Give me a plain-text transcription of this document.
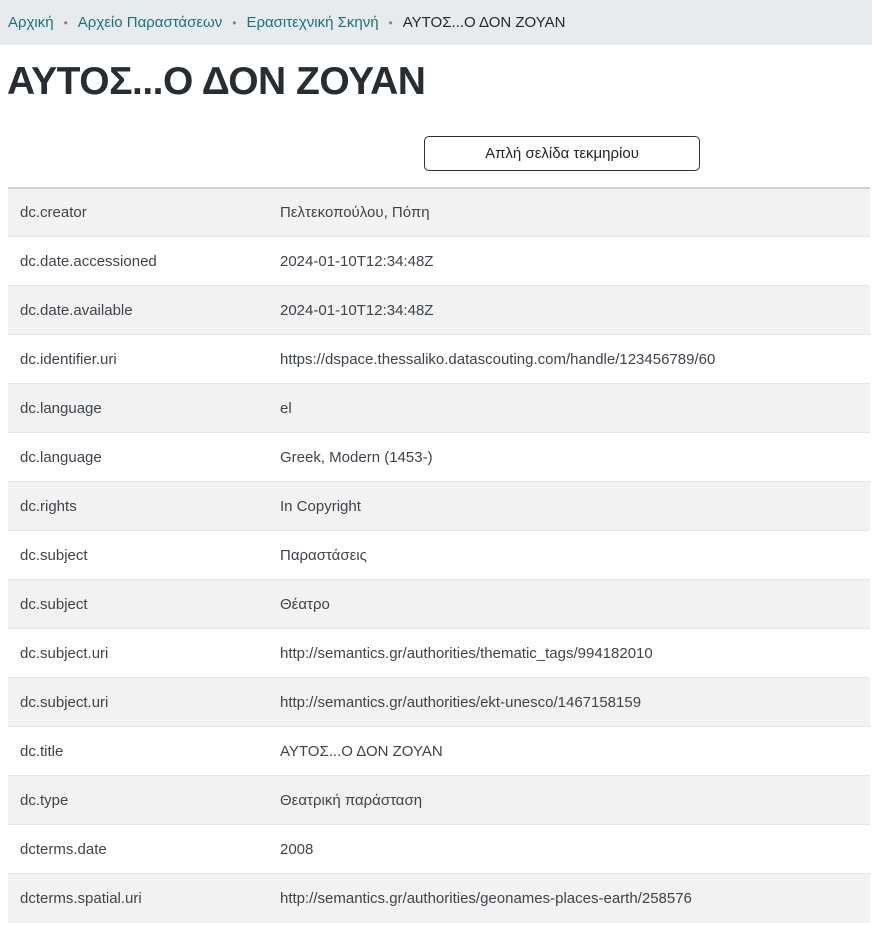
Αρχική • Αρχείο Παραστάσεων • Ερασιτεχνική Σκηνή • ΑΥΤΟΣ...Ο ΔΟΝ ΖΟΥΑΝ
ΑΥΤΟΣ...Ο ΔΟΝ ΖΟΥΑΝ
Απλή σελίδα τεκμηρίου
dc.creator	Πελτεκοπούλου, Πόπη
dc.date.accessioned	2024-01-10T12:34:48Z
dc.date.available	2024-01-10T12:34:48Z
dc.identifier.uri	https://dspace.thessaliko.datascouting.com/handle/123456789/60
dc.language	el
dc.language	Greek, Modern (1453-)
dc.rights	In Copyright
dc.subject	Παραστάσεις
dc.subject	Θέατρο
dc.subject.uri	http://semantics.gr/authorities/thematic_tags/994182010
dc.subject.uri	http://semantics.gr/authorities/ekt-unesco/1467158159
dc.title	ΑΥΤΟΣ...Ο ΔΟΝ ΖΟΥΑΝ
dc.type	Θεατρική παράσταση
dcterms.date	2008
dcterms.spatial.uri	http://semantics.gr/authorities/geonames-places-earth/258576
